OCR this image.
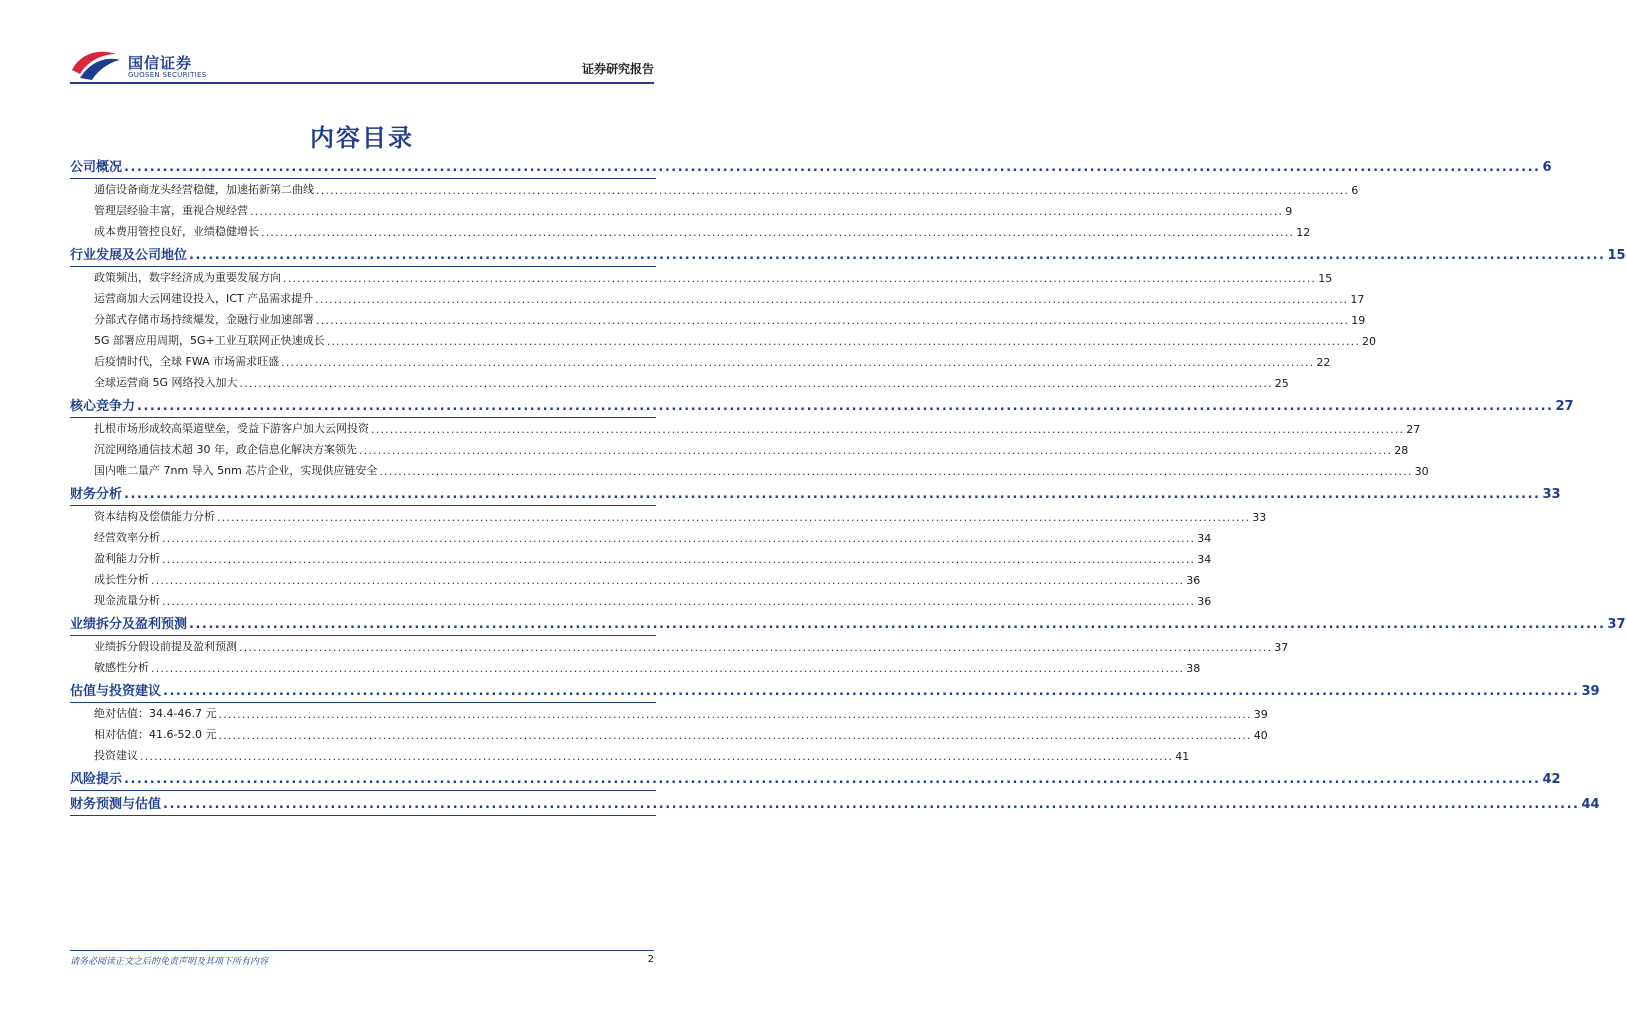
国信证券
GUOSEN SECURITIES	证券研究报告
内容目录
公司概况 ............................................................................................................................................................................................................................ 6
通信设备商龙头经营稳健，加速拓新第二曲线 ............................................................................................................................................................................................................................ 6
管理层经验丰富，重视合规经营 ............................................................................................................................................................................................................................ 9
成本费用管控良好，业绩稳健增长 ............................................................................................................................................................................................................................ 12
行业发展及公司地位 ............................................................................................................................................................................................................................ 15
政策频出，数字经济成为重要发展方向 ............................................................................................................................................................................................................................ 15
运营商加大云网建设投入，ICT 产品需求提升 ............................................................................................................................................................................................................................ 17
分部式存储市场持续爆发，金融行业加速部署 ............................................................................................................................................................................................................................ 19
5G 部署应用周期，5G+工业互联网正快速成长 ............................................................................................................................................................................................................................ 20
后疫情时代，全球 FWA 市场需求旺盛 ............................................................................................................................................................................................................................ 22
全球运营商 5G 网络投入加大 ............................................................................................................................................................................................................................ 25
核心竞争力 ............................................................................................................................................................................................................................ 27
扎根市场形成较高渠道壁垒，受益下游客户加大云网投资 ............................................................................................................................................................................................................................ 27
沉淀网络通信技术超 30 年，政企信息化解决方案领先 ............................................................................................................................................................................................................................ 28
国内唯二量产 7nm 导入 5nm 芯片企业，实现供应链安全 ............................................................................................................................................................................................................................ 30
财务分析 ............................................................................................................................................................................................................................ 33
资本结构及偿债能力分析 ............................................................................................................................................................................................................................ 33
经营效率分析 ............................................................................................................................................................................................................................ 34
盈利能力分析 ............................................................................................................................................................................................................................ 34
成长性分析 ............................................................................................................................................................................................................................ 36
现金流量分析 ............................................................................................................................................................................................................................ 36
业绩拆分及盈利预测 ............................................................................................................................................................................................................................ 37
业绩拆分假设前提及盈利预测 ............................................................................................................................................................................................................................ 37
敏感性分析 ............................................................................................................................................................................................................................ 38
估值与投资建议 ............................................................................................................................................................................................................................ 39
绝对估值：34.4-46.7 元 ............................................................................................................................................................................................................................ 39
相对估值：41.6-52.0 元 ............................................................................................................................................................................................................................ 40
投资建议 ............................................................................................................................................................................................................................ 41
风险提示 ............................................................................................................................................................................................................................ 42
财务预测与估值 ............................................................................................................................................................................................................................ 44
请务必阅读正文之后的免责声明及其项下所有内容	2
